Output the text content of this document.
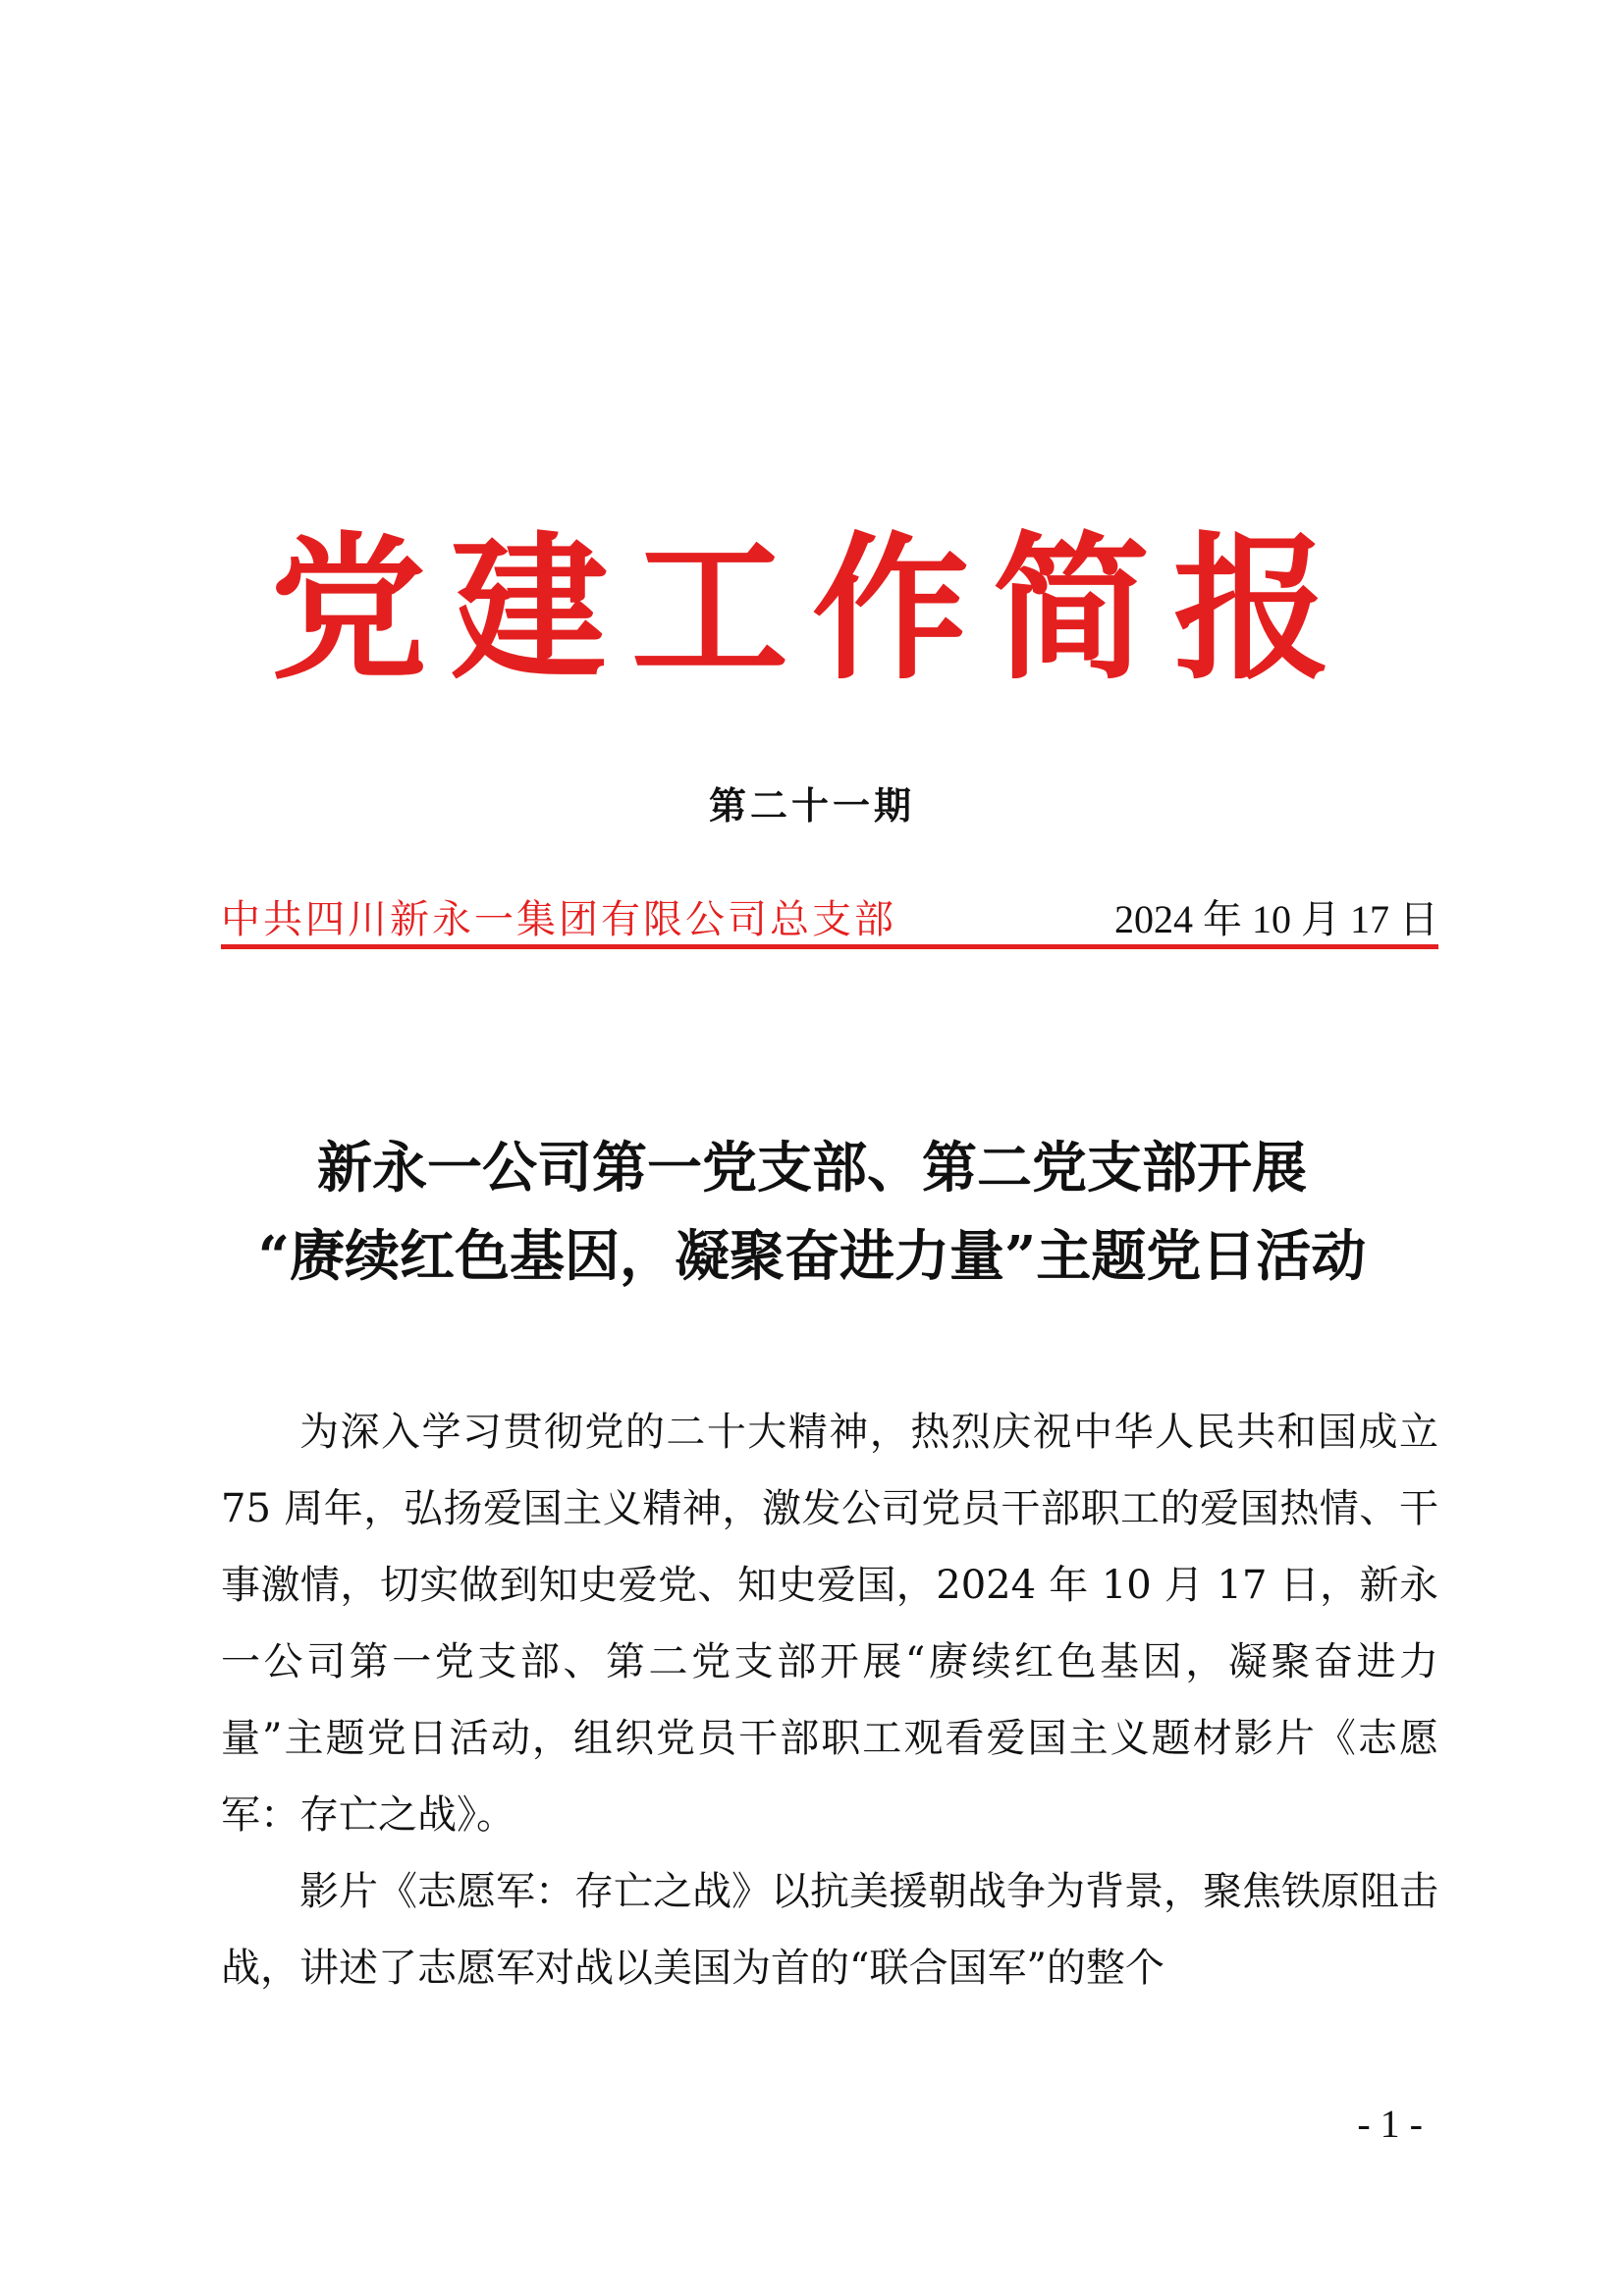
党建工作简报
第二十一期
中共四川新永一集团有限公司总支部	2024 年 10 月 17 日
新永一公司第一党支部、第二党支部开展
“赓续红色基因，凝聚奋进力量”主题党日活动

为深入学习贯彻党的二十大精神，热烈庆祝中华人民共和国成立 75 周年，弘扬爱国主义精神，激发公司党员干部职工的爱国热情、干事激情，切实做到知史爱党、知史爱国，2024 年 10 月 17 日，新永一公司第一党支部、第二党支部开展“赓续红色基因，凝聚奋进力量”主题党日活动，组织党员干部职工观看爱国主义题材影片《志愿军：存亡之战》。

影片《志愿军：存亡之战》以抗美援朝战争为背景，聚焦铁原阻击战，讲述了志愿军对战以美国为首的“联合国军”的整个

- 1 -
